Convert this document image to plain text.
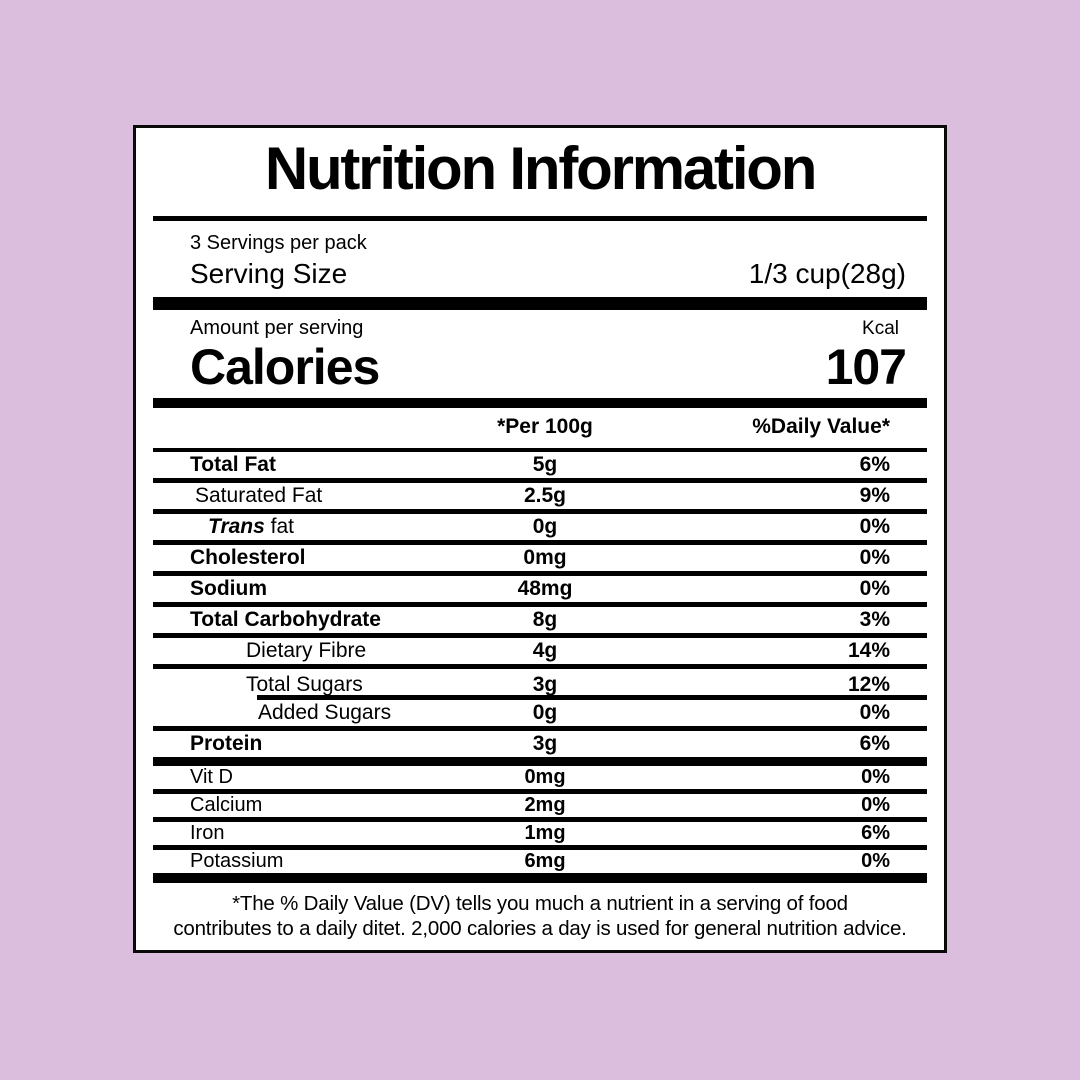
Nutrition Information
3 Servings per pack
Serving Size	1/3 cup(28g)
Amount per serving	Kcal
Calories	107
*Per 100g	%Daily Value*
Total Fat	5g	6%
Saturated Fat	2.5g	9%
Trans fat	0g	0%
Cholesterol	0mg	0%
Sodium	48mg	0%
Total Carbohydrate	8g	3%
Dietary Fibre	4g	14%
Total Sugars	3g	12%
Added Sugars	0g	0%
Protein	3g	6%
Vit D	0mg	0%
Calcium	2mg	0%
Iron	1mg	6%
Potassium	6mg	0%
*The % Daily Value (DV) tells you much a nutrient in a serving of food
contributes to a daily ditet. 2,000 calories a day is used for general nutrition advice.
